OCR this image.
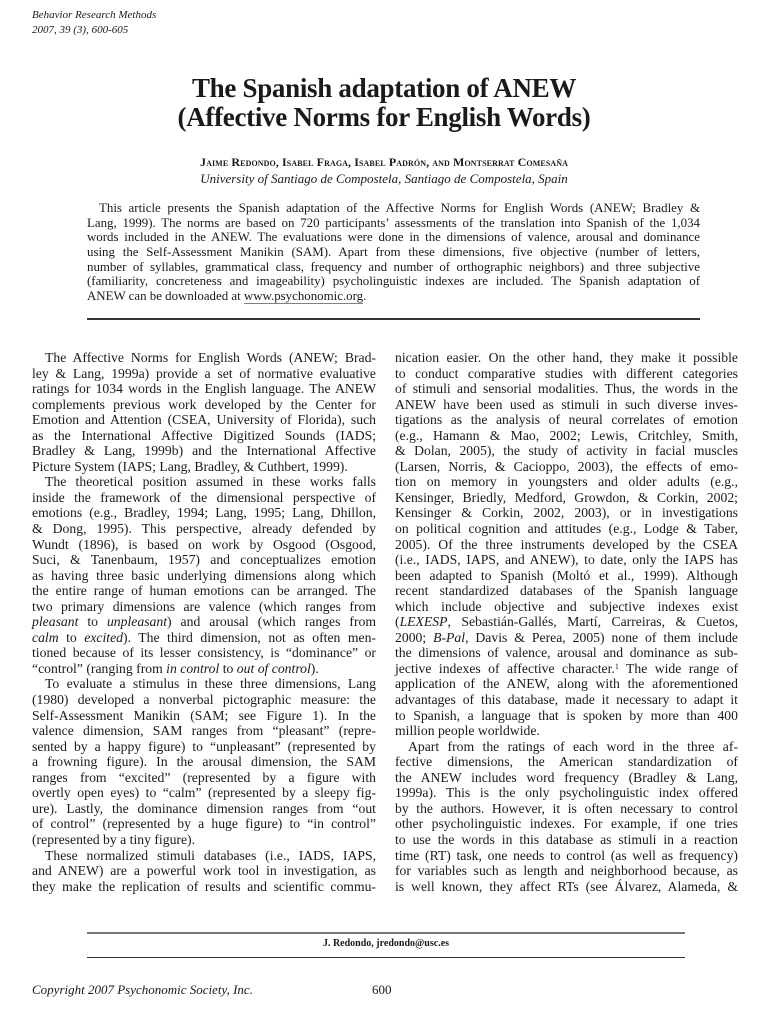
Behavior Research Methods
2007, 39 (3), 600-605
The Spanish adaptation of ANEW
(Affective Norms for English Words)
Jaime Redondo, Isabel Fraga, Isabel Padrón, and Montserrat Comesaña
University of Santiago de Compostela, Santiago de Compostela, Spain
This article presents the Spanish adaptation of the Affective Norms for English Words (ANEW; Bradley &
Lang, 1999). The norms are based on 720 participants’ assessments of the translation into Spanish of the 1,034
words included in the ANEW. The evaluations were done in the dimensions of valence, arousal and dominance
using the Self-Assessment Manikin (SAM). Apart from these dimensions, five objective (number of letters,
number of syllables, grammatical class, frequency and number of orthographic neighbors) and three subjective
(familiarity, concreteness and imageability) psycholinguistic indexes are included. The Spanish adaptation of
ANEW can be downloaded at www.psychonomic.org.
The Affective Norms for English Words (ANEW; Brad-
ley & Lang, 1999a) provide a set of normative evaluative
ratings for 1034 words in the English language. The ANEW
complements previous work developed by the Center for
Emotion and Attention (CSEA, University of Florida), such
as the International Affective Digitized Sounds (IADS;
Bradley & Lang, 1999b) and the International Affective
Picture System (IAPS; Lang, Bradley, & Cuthbert, 1999).
The theoretical position assumed in these works falls
inside the framework of the dimensional perspective of
emotions (e.g., Bradley, 1994; Lang, 1995; Lang, Dhillon,
& Dong, 1995). This perspective, already defended by
Wundt (1896), is based on work by Osgood (Osgood,
Suci, & Tanenbaum, 1957) and conceptualizes emotion
as having three basic underlying dimensions along which
the entire range of human emotions can be arranged. The
two primary dimensions are valence (which ranges from
pleasant to unpleasant) and arousal (which ranges from
calm to excited). The third dimension, not as often men-
tioned because of its lesser consistency, is “dominance” or
“control” (ranging from in control to out of control).
To evaluate a stimulus in these three dimensions, Lang
(1980) developed a nonverbal pictographic measure: the
Self-Assessment Manikin (SAM; see Figure 1). In the
valence dimension, SAM ranges from “pleasant” (repre-
sented by a happy figure) to “unpleasant” (represented by
a frowning figure). In the arousal dimension, the SAM
ranges from “excited” (represented by a figure with
overtly open eyes) to “calm” (represented by a sleepy fig-
ure). Lastly, the dominance dimension ranges from “out
of control” (represented by a huge figure) to “in control”
(represented by a tiny figure).
These normalized stimuli databases (i.e., IADS, IAPS,
and ANEW) are a powerful work tool in investigation, as
they make the replication of results and scientific commu-
nication easier. On the other hand, they make it possible
to conduct comparative studies with different categories
of stimuli and sensorial modalities. Thus, the words in the
ANEW have been used as stimuli in such diverse inves-
tigations as the analysis of neural correlates of emotion
(e.g., Hamann & Mao, 2002; Lewis, Critchley, Smith,
& Dolan, 2005), the study of activity in facial muscles
(Larsen, Norris, & Cacioppo, 2003), the effects of emo-
tion on memory in youngsters and older adults (e.g.,
Kensinger, Briedly, Medford, Growdon, & Corkin, 2002;
Kensinger & Corkin, 2002, 2003), or in investigations
on political cognition and attitudes (e.g., Lodge & Taber,
2005). Of the three instruments developed by the CSEA
(i.e., IADS, IAPS, and ANEW), to date, only the IAPS has
been adapted to Spanish (Moltó et al., 1999). Although
recent standardized databases of the Spanish language
which include objective and subjective indexes exist
(LEXESP, Sebastián-Gallés, Martí, Carreiras, & Cuetos,
2000; B-Pal, Davis & Perea, 2005) none of them include
the dimensions of valence, arousal and dominance as sub-
jective indexes of affective character.$^1$ The wide range of
application of the ANEW, along with the aforementioned
advantages of this database, made it necessary to adapt it
to Spanish, a language that is spoken by more than 400
million people worldwide.
Apart from the ratings of each word in the three af-
fective dimensions, the American standardization of
the ANEW includes word frequency (Bradley & Lang,
1999a). This is the only psycholinguistic index offered
by the authors. However, it is often necessary to control
other psycholinguistic indexes. For example, if one tries
to use the words in this database as stimuli in a reaction
time (RT) task, one needs to control (as well as frequency)
for variables such as length and neighborhood because, as
is well known, they affect RTs (see Álvarez, Alameda, &
J. Redondo, jredondo@usc.es
Copyright 2007 Psychonomic Society, Inc.	600
